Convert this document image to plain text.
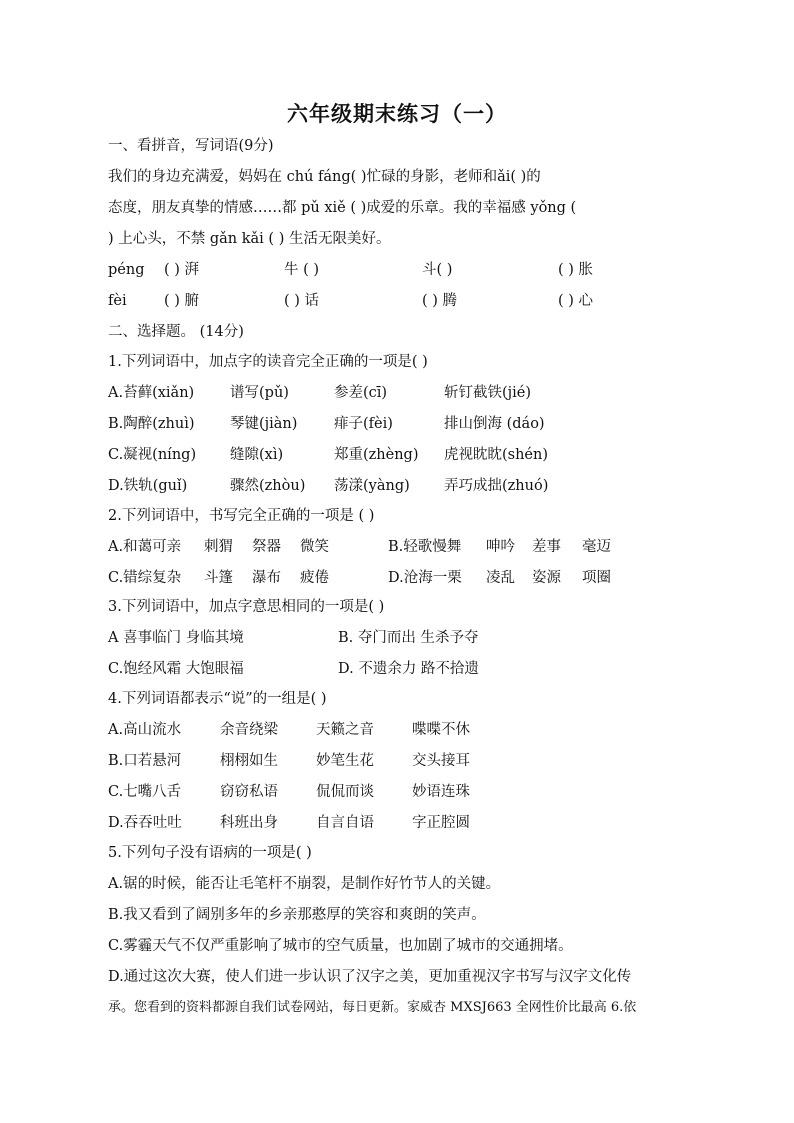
六年级期末练习（一）
一、看拼音，写词语(9分)
我们的身边充满爱，妈妈在 chú fáng( )忙碌的身影，老师和ǎi( )的
态度，朋友真挚的情感……都 pǔ xiě ( )成爱的乐章。我的幸福感 yǒng (
) 上心头，不禁 gǎn kǎi ( ) 生活无限美好。
péng ( ) 湃	牛 ( )	斗( )	( ) 胀
fèi	( ) 腑	( ) 话	( ) 腾	( ) 心
二、选择题。 (14分)
1.下列词语中，加点字的读音完全正确的一项是( )
A.苔藓(xiǎn) 谱写(pǔ)	参差(cī)	斩钉截铁(jié)
B.陶醉(zhuì) 琴键(jiàn)	痱子(fèi)	排山倒海 (dáo)
C.凝视(níng) 缝隙(xì)	郑重(zhèng) 虎视眈眈(shén)
D.铁轨(guǐ)	骤然(zhòu) 荡漾(yàng) 弄巧成拙(zhuó)
2.下列词语中，书写完全正确的一项是 ( )
A.和蔼可亲 刺猬 祭器 微笑	B.轻歌慢舞 呻吟 差事 毫迈
C.错综复杂 斗篷 瀑布 疲倦	D.沧海一栗 凌乱 姿源 项圈
3.下列词语中，加点字意思相同的一项是( )
A 喜事临门 身临其境	B. 夺门而出 生杀予夺
C.饱经风霜 大饱眼福	D. 不遗余力 路不拾遗
4.下列词语都表示“说”的一组是( )
A.高山流水	余音绕梁	天籁之音	喋喋不休
B.口若悬河	栩栩如生	妙笔生花	交头接耳
C.七嘴八舌	窃窃私语	侃侃而谈	妙语连珠
D.吞吞吐吐	科班出身	自言自语	字正腔圆
5.下列句子没有语病的一项是( )
A.锯的时候，能否让毛笔杆不崩裂，是制作好竹节人的关键。
B.我又看到了阔别多年的乡亲那憨厚的笑容和爽朗的笑声。
C.雾霾天气不仅严重影响了城市的空气质量，也加剧了城市的交通拥堵。
D.通过这次大赛，使人们进一步认识了汉字之美，更加重视汉字书写与汉字文化传
承。您看到的资料都源自我们试卷网站，每日更新。家威杏 MXSJ663 全网性价比最高 6.依
